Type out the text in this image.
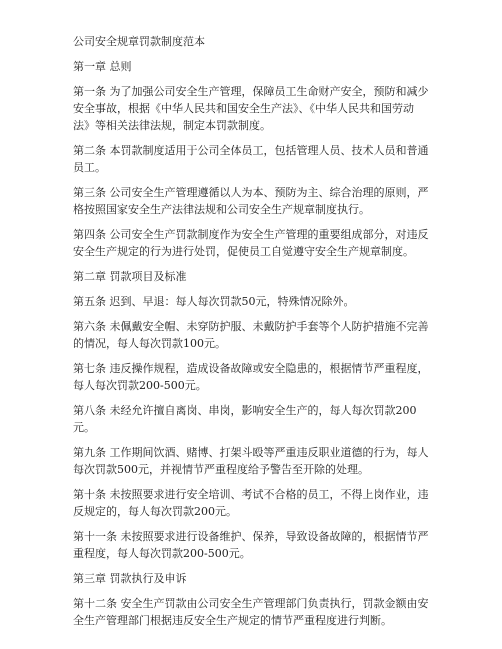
公司安全规章罚款制度范本
第一章 总则
第一条 为了加强公司安全生产管理，保障员工生命财产安全，预防和减少安全事故，根据《中华人民共和国安全生产法》、《中华人民共和国劳动法》等相关法律法规，制定本罚款制度。
第二条 本罚款制度适用于公司全体员工，包括管理人员、技术人员和普通员工。
第三条 公司安全生产管理遵循以人为本、预防为主、综合治理的原则，严格按照国家安全生产法律法规和公司安全生产规章制度执行。
第四条 公司安全生产罚款制度作为安全生产管理的重要组成部分，对违反安全生产规定的行为进行处罚，促使员工自觉遵守安全生产规章制度。
第二章 罚款项目及标准
第五条 迟到、早退：每人每次罚款50元，特殊情况除外。
第六条 未佩戴安全帽、未穿防护服、未戴防护手套等个人防护措施不完善的情况，每人每次罚款100元。
第七条 违反操作规程，造成设备故障或安全隐患的，根据情节严重程度，每人每次罚款200-500元。
第八条 未经允许擅自离岗、串岗，影响安全生产的，每人每次罚款200元。
第九条 工作期间饮酒、赌博、打架斗殴等严重违反职业道德的行为，每人每次罚款500元，并视情节严重程度给予警告至开除的处理。
第十条 未按照要求进行安全培训、考试不合格的员工，不得上岗作业，违反规定的，每人每次罚款200元。
第十一条 未按照要求进行设备维护、保养，导致设备故障的，根据情节严重程度，每人每次罚款200-500元。
第三章 罚款执行及申诉
第十二条 安全生产罚款由公司安全生产管理部门负责执行，罚款金额由安全生产管理部门根据违反安全生产规定的情节严重程度进行判断。
